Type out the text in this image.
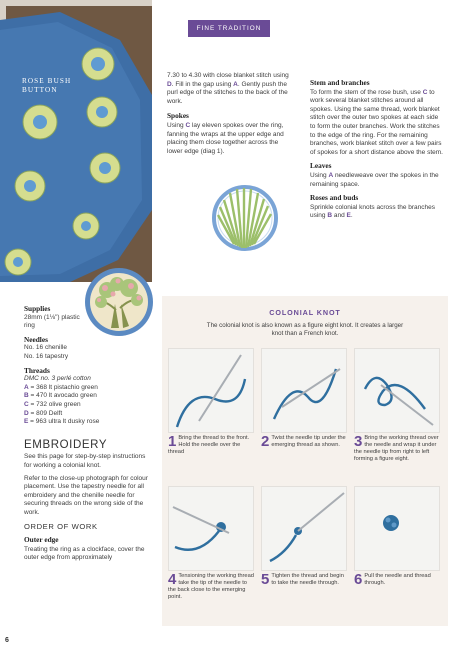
ROSE BUSH
BUTTON
FINE TRADITION

7.30 to 4.30 with close blanket stitch using D. Fill in the gap using A. Gently push the purl edge of the stitches to the back of the work.

Spokes

Using C lay eleven spokes over the ring, fanning the wraps at the upper edge and placing them close together across the lower edge (diag 1).

Stem and branches

To form the stem of the rose bush, use C to work several blanket stitches around all spokes. Using the same thread, work blanket stitch over the outer two spokes at each side to form the outer branches. Work the stitches to the edge of the ring. For the remaining branches, work blanket stitch over a few pairs of spokes for a short distance above the stem.

Leaves

Using A needleweave over the spokes in the remaining space.

Roses and buds

Sprinkle colonial knots across the branches using B and E.

COLONIAL KNOT
The colonial knot is also known as a figure eight knot. It creates a larger knot than a French knot.
1 Bring the thread to the front. Hold the needle over the thread
2 Twist the needle tip under the emerging thread as shown. 3 Bring the working thread over the needle and wrap it under the needle tip from right to left forming a figure eight.
4 Tensioning the working thread take the tip of the needle to the back close to the emerging point.
5 Tighten the thread and begin to take the needle through. 6 Pull the needle and thread through.
Supplies
28mm (1⅛") plastic ring
Needles
No. 16 chenille
No. 16 tapestry
Threads
DMC no. 3 perlé cotton
A = 368 lt pistachio green
B = 470 lt avocado green
C = 732 olive green
D = 809 Delft
E = 963 ultra lt dusky rose
EMBROIDERY

See this page for step-by-step instructions for working a colonial knot.

Refer to the close-up photograph for colour placement. Use the tapestry needle for all embroidery and the chenille needle for securing threads on the wrong side of the work.

ORDER OF WORK
Outer edge

Treating the ring as a clockface, cover the outer edge from approximately

6
